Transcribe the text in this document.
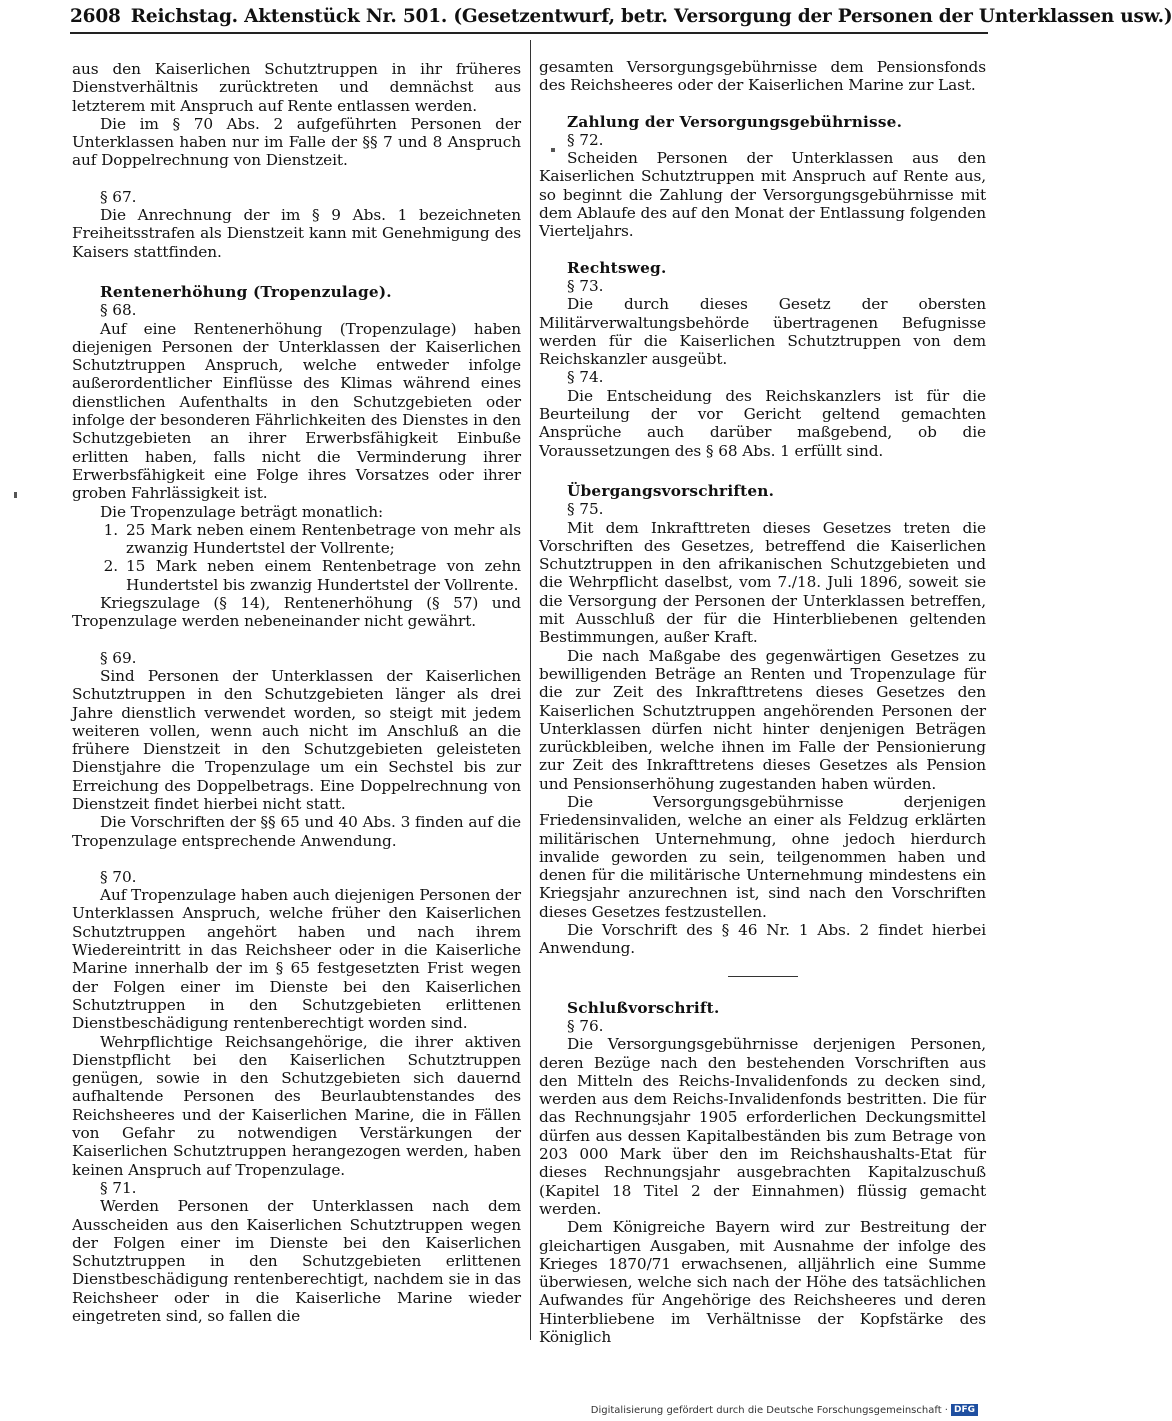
2608 Reichstag. Aktenstück Nr. 501. (Gesetzentwurf, betr. Versorgung der Personen der Unterklassen usw.)

aus den Kaiserlichen Schutztruppen in ihr früheres Dienstverhältnis zurücktreten und demnächst aus letzterem mit Anspruch auf Rente entlassen werden.

Die im § 70 Abs. 2 aufgeführten Personen der Unterklassen haben nur im Falle der §§ 7 und 8 Anspruch auf Doppelrechnung von Dienstzeit.

§ 67.

Die Anrechnung der im § 9 Abs. 1 bezeichneten Freiheitsstrafen als Dienstzeit kann mit Genehmigung des Kaisers stattfinden.

Rentenerhöhung (Tropenzulage).

§ 68.

Auf eine Rentenerhöhung (Tropenzulage) haben diejenigen Personen der Unterklassen der Kaiserlichen Schutztruppen Anspruch, welche entweder infolge außerordentlicher Einflüsse des Klimas während eines dienstlichen Aufenthalts in den Schutzgebieten oder infolge der besonderen Fährlichkeiten des Dienstes in den Schutzgebieten an ihrer Erwerbsfähigkeit Einbuße erlitten haben, falls nicht die Verminderung ihrer Erwerbsfähigkeit eine Folge ihres Vorsatzes oder ihrer groben Fahrlässigkeit ist.

Die Tropenzulage beträgt monatlich:

1. 25 Mark neben einem Rentenbetrage von mehr als zwanzig Hundertstel der Vollrente;
2. 15 Mark neben einem Rentenbetrage von zehn Hundertstel bis zwanzig Hundertstel der Vollrente.

Kriegszulage (§ 14), Rentenerhöhung (§ 57) und Tropenzulage werden nebeneinander nicht gewährt.

§ 69.

Sind Personen der Unterklassen der Kaiserlichen Schutztruppen in den Schutzgebieten länger als drei Jahre dienstlich verwendet worden, so steigt mit jedem weiteren vollen, wenn auch nicht im Anschluß an die frühere Dienstzeit in den Schutzgebieten geleisteten Dienstjahre die Tropenzulage um ein Sechstel bis zur Erreichung des Doppelbetrags. Eine Doppelrechnung von Dienstzeit findet hierbei nicht statt.

Die Vorschriften der §§ 65 und 40 Abs. 3 finden auf die Tropenzulage entsprechende Anwendung.

§ 70.

Auf Tropenzulage haben auch diejenigen Personen der Unterklassen Anspruch, welche früher den Kaiserlichen Schutztruppen angehört haben und nach ihrem Wiedereintritt in das Reichsheer oder in die Kaiserliche Marine innerhalb der im § 65 festgesetzten Frist wegen der Folgen einer im Dienste bei den Kaiserlichen Schutztruppen in den Schutzgebieten erlittenen Dienstbeschädigung rentenberechtigt worden sind.

Wehrpflichtige Reichsangehörige, die ihrer aktiven Dienstpflicht bei den Kaiserlichen Schutztruppen genügen, sowie in den Schutzgebieten sich dauernd aufhaltende Personen des Beurlaubtenstandes des Reichsheeres und der Kaiserlichen Marine, die in Fällen von Gefahr zu notwendigen Verstärkungen der Kaiserlichen Schutztruppen herangezogen werden, haben keinen Anspruch auf Tropenzulage.

§ 71.

Werden Personen der Unterklassen nach dem Ausscheiden aus den Kaiserlichen Schutztruppen wegen der Folgen einer im Dienste bei den Kaiserlichen Schutztruppen in den Schutzgebieten erlittenen Dienstbeschädigung rentenberechtigt, nachdem sie in das Reichsheer oder in die Kaiserliche Marine wieder eingetreten sind, so fallen die

gesamten Versorgungsgebührnisse dem Pensionsfonds des Reichsheeres oder der Kaiserlichen Marine zur Last.

Zahlung der Versorgungsgebührnisse.

§ 72.

Scheiden Personen der Unterklassen aus den Kaiserlichen Schutztruppen mit Anspruch auf Rente aus, so beginnt die Zahlung der Versorgungsgebührnisse mit dem Ablaufe des auf den Monat der Entlassung folgenden Vierteljahrs.

Rechtsweg.

§ 73.

Die durch dieses Gesetz der obersten Militärverwaltungsbehörde übertragenen Befugnisse werden für die Kaiserlichen Schutztruppen von dem Reichskanzler ausgeübt.

§ 74.

Die Entscheidung des Reichskanzlers ist für die Beurteilung der vor Gericht geltend gemachten Ansprüche auch darüber maßgebend, ob die Voraussetzungen des § 68 Abs. 1 erfüllt sind.

Übergangsvorschriften.

§ 75.

Mit dem Inkrafttreten dieses Gesetzes treten die Vorschriften des Gesetzes, betreffend die Kaiserlichen Schutztruppen in den afrikanischen Schutzgebieten und die Wehrpflicht daselbst, vom 7./18. Juli 1896, soweit sie die Versorgung der Personen der Unterklassen betreffen, mit Ausschluß der für die Hinterbliebenen geltenden Bestimmungen, außer Kraft.

Die nach Maßgabe des gegenwärtigen Gesetzes zu bewilligenden Beträge an Renten und Tropenzulage für die zur Zeit des Inkrafttretens dieses Gesetzes den Kaiserlichen Schutztruppen angehörenden Personen der Unterklassen dürfen nicht hinter denjenigen Beträgen zurückbleiben, welche ihnen im Falle der Pensionierung zur Zeit des Inkrafttretens dieses Gesetzes als Pension und Pensionserhöhung zugestanden haben würden.

Die Versorgungsgebührnisse derjenigen Friedensinvaliden, welche an einer als Feldzug erklärten militärischen Unternehmung, ohne jedoch hierdurch invalide geworden zu sein, teilgenommen haben und denen für die militärische Unternehmung mindestens ein Kriegsjahr anzurechnen ist, sind nach den Vorschriften dieses Gesetzes festzustellen.

Die Vorschrift des § 46 Nr. 1 Abs. 2 findet hierbei Anwendung.

Schlußvorschrift.

§ 76.

Die Versorgungsgebührnisse derjenigen Personen, deren Bezüge nach den bestehenden Vorschriften aus den Mitteln des Reichs-Invalidenfonds zu decken sind, werden aus dem Reichs-Invalidenfonds bestritten. Die für das Rechnungsjahr 1905 erforderlichen Deckungsmittel dürfen aus dessen Kapitalbeständen bis zum Betrage von 203 000 Mark über den im Reichshaushalts-Etat für dieses Rechnungsjahr ausgebrachten Kapitalzuschuß (Kapitel 18 Titel 2 der Einnahmen) flüssig gemacht werden.

Dem Königreiche Bayern wird zur Bestreitung der gleichartigen Ausgaben, mit Ausnahme der infolge des Krieges 1870/71 erwachsenen, alljährlich eine Summe überwiesen, welche sich nach der Höhe des tatsächlichen Aufwandes für Angehörige des Reichsheeres und deren Hinterbliebene im Verhältnisse der Kopfstärke des Königlich

Digitalisierung gefördert durch die Deutsche Forschungsgemeinschaft · DFG
